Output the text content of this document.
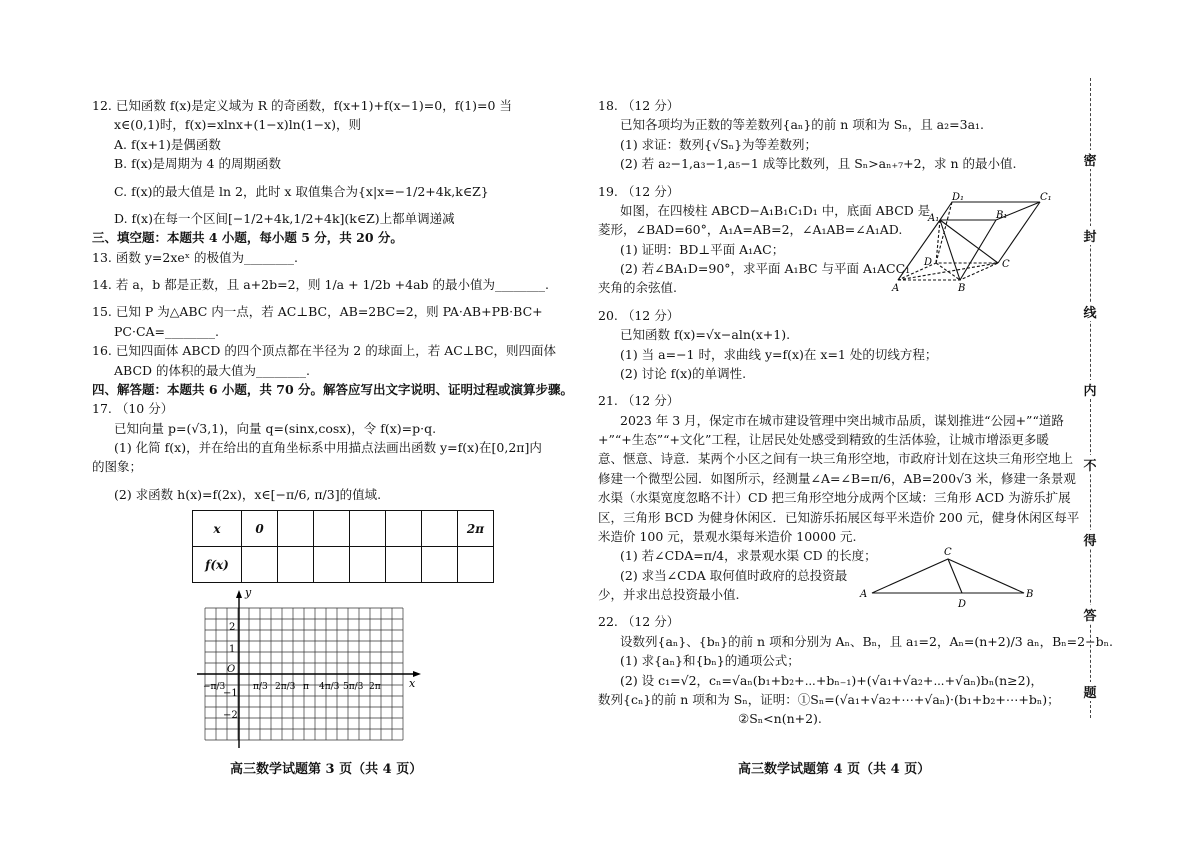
12. 已知函数 f(x)是定义域为 R 的奇函数，f(x+1)+f(x−1)=0，f(1)=0 当
x∈(0,1)时，f(x)=xlnx+(1−x)ln(1−x)，则
A. f(x+1)是偶函数
B. f(x)是周期为 4 的周期函数
C. f(x)的最大值是 ln 2，此时 x 取值集合为{x|x=−1/2+4k,k∈Z}
D. f(x)在每一个区间[−1/2+4k,1/2+4k](k∈Z)上都单调递减
三、填空题：本题共 4 小题，每小题 5 分，共 20 分。
13. 函数 y=2xeˣ 的极值为________.
14. 若 a，b 都是正数，且 a+2b=2，则 1/a + 1/2b +4ab 的最小值为________.
15. 已知 P 为△ABC 内一点，若 AC⊥BC，AB=2BC=2，则 PA·AB+PB·BC+
PC·CA=________.
16. 已知四面体 ABCD 的四个顶点都在半径为 2 的球面上，若 AC⊥BC，则四面体
ABCD 的体积的最大值为________.
四、解答题：本题共 6 小题，共 70 分。解答应写出文字说明、证明过程或演算步骤。
17. （10 分）
已知向量 p=(√3,1)，向量 q=(sinx,cosx)，令 f(x)=p·q.
(1) 化简 f(x)，并在给出的直角坐标系中用描点法画出函数 y=f(x)在[0,2π]内
的图象；
(2) 求函数 h(x)=f(2x)，x∈[−π/6, π/3]的值域.
x	0						2π
f(x)							
y
x
O
2
1
−1
−2
−π/3	π/3 2π/3 π 4π/3 5π/3 2π
18. （12 分）
已知各项均为正数的等差数列{aₙ}的前 n 项和为 Sₙ，且 a₂=3a₁.
(1) 求证：数列{√Sₙ}为等差数列；
(2) 若 a₂−1,a₃−1,a₅−1 成等比数列，且 Sₙ>aₙ₊₇+2，求 n 的最小值.
19. （12 分）
如图，在四棱柱 ABCD−A₁B₁C₁D₁ 中，底面 ABCD 是
菱形，∠BAD=60°，A₁A=AB=2，∠A₁AB=∠A₁AD.
(1) 证明：BD⊥平面 A₁AC；
(2) 若∠BA₁D=90°，求平面 A₁BC 与平面 A₁ACC₁
夹角的余弦值.
20. （12 分）
已知函数 f(x)=√x−aln(x+1).
(1) 当 a=−1 时，求曲线 y=f(x)在 x=1 处的切线方程；
(2) 讨论 f(x)的单调性.
21. （12 分）
2023 年 3 月，保定市在城市建设管理中突出城市品质，谋划推进“公园+”“道路
+”“+生态”“+文化”工程，让居民处处感受到精致的生活体验，让城市增添更多暖
意、惬意、诗意．某两个小区之间有一块三角形空地，市政府计划在这块三角形空地上
修建一个微型公园．如图所示，经测量∠A=∠B=π/6，AB=200√3 米，修建一条景观
水渠（水渠宽度忽略不计）CD 把三角形空地分成两个区域：三角形 ACD 为游乐扩展
区，三角形 BCD 为健身休闲区．已知游乐拓展区每平米造价 200 元，健身休闲区每平
米造价 100 元，景观水渠每米造价 10000 元.
(1) 若∠CDA=π/4，求景观水渠 CD 的长度；
(2) 求当∠CDA 取何值时政府的总投资最
少，并求出总投资最小值.
22. （12 分）
设数列{aₙ}、{bₙ}的前 n 项和分别为 Aₙ、Bₙ，且 a₁=2，Aₙ=(n+2)/3 aₙ，Bₙ=2−bₙ.
(1) 求{aₙ}和{bₙ}的通项公式；
(2) 设 c₁=√2，cₙ=√aₙ(b₁+b₂+⋯+bₙ₋₁)+(√a₁+√a₂+⋯+√aₙ)bₙ(n≥2)，
数列{cₙ}的前 n 项和为 Sₙ，证明：①Sₙ=(√a₁+√a₂+⋯+√aₙ)·(b₁+b₂+⋯+bₙ)；
②Sₙ<n(n+2).
D₁	C₁
A₁	B₁
D	C
A	B
C
A
D
B
高三数学试题第 3 页（共 4 页）	高三数学试题第 4 页（共 4 页）
密
封
线
内
不
得
答
题
